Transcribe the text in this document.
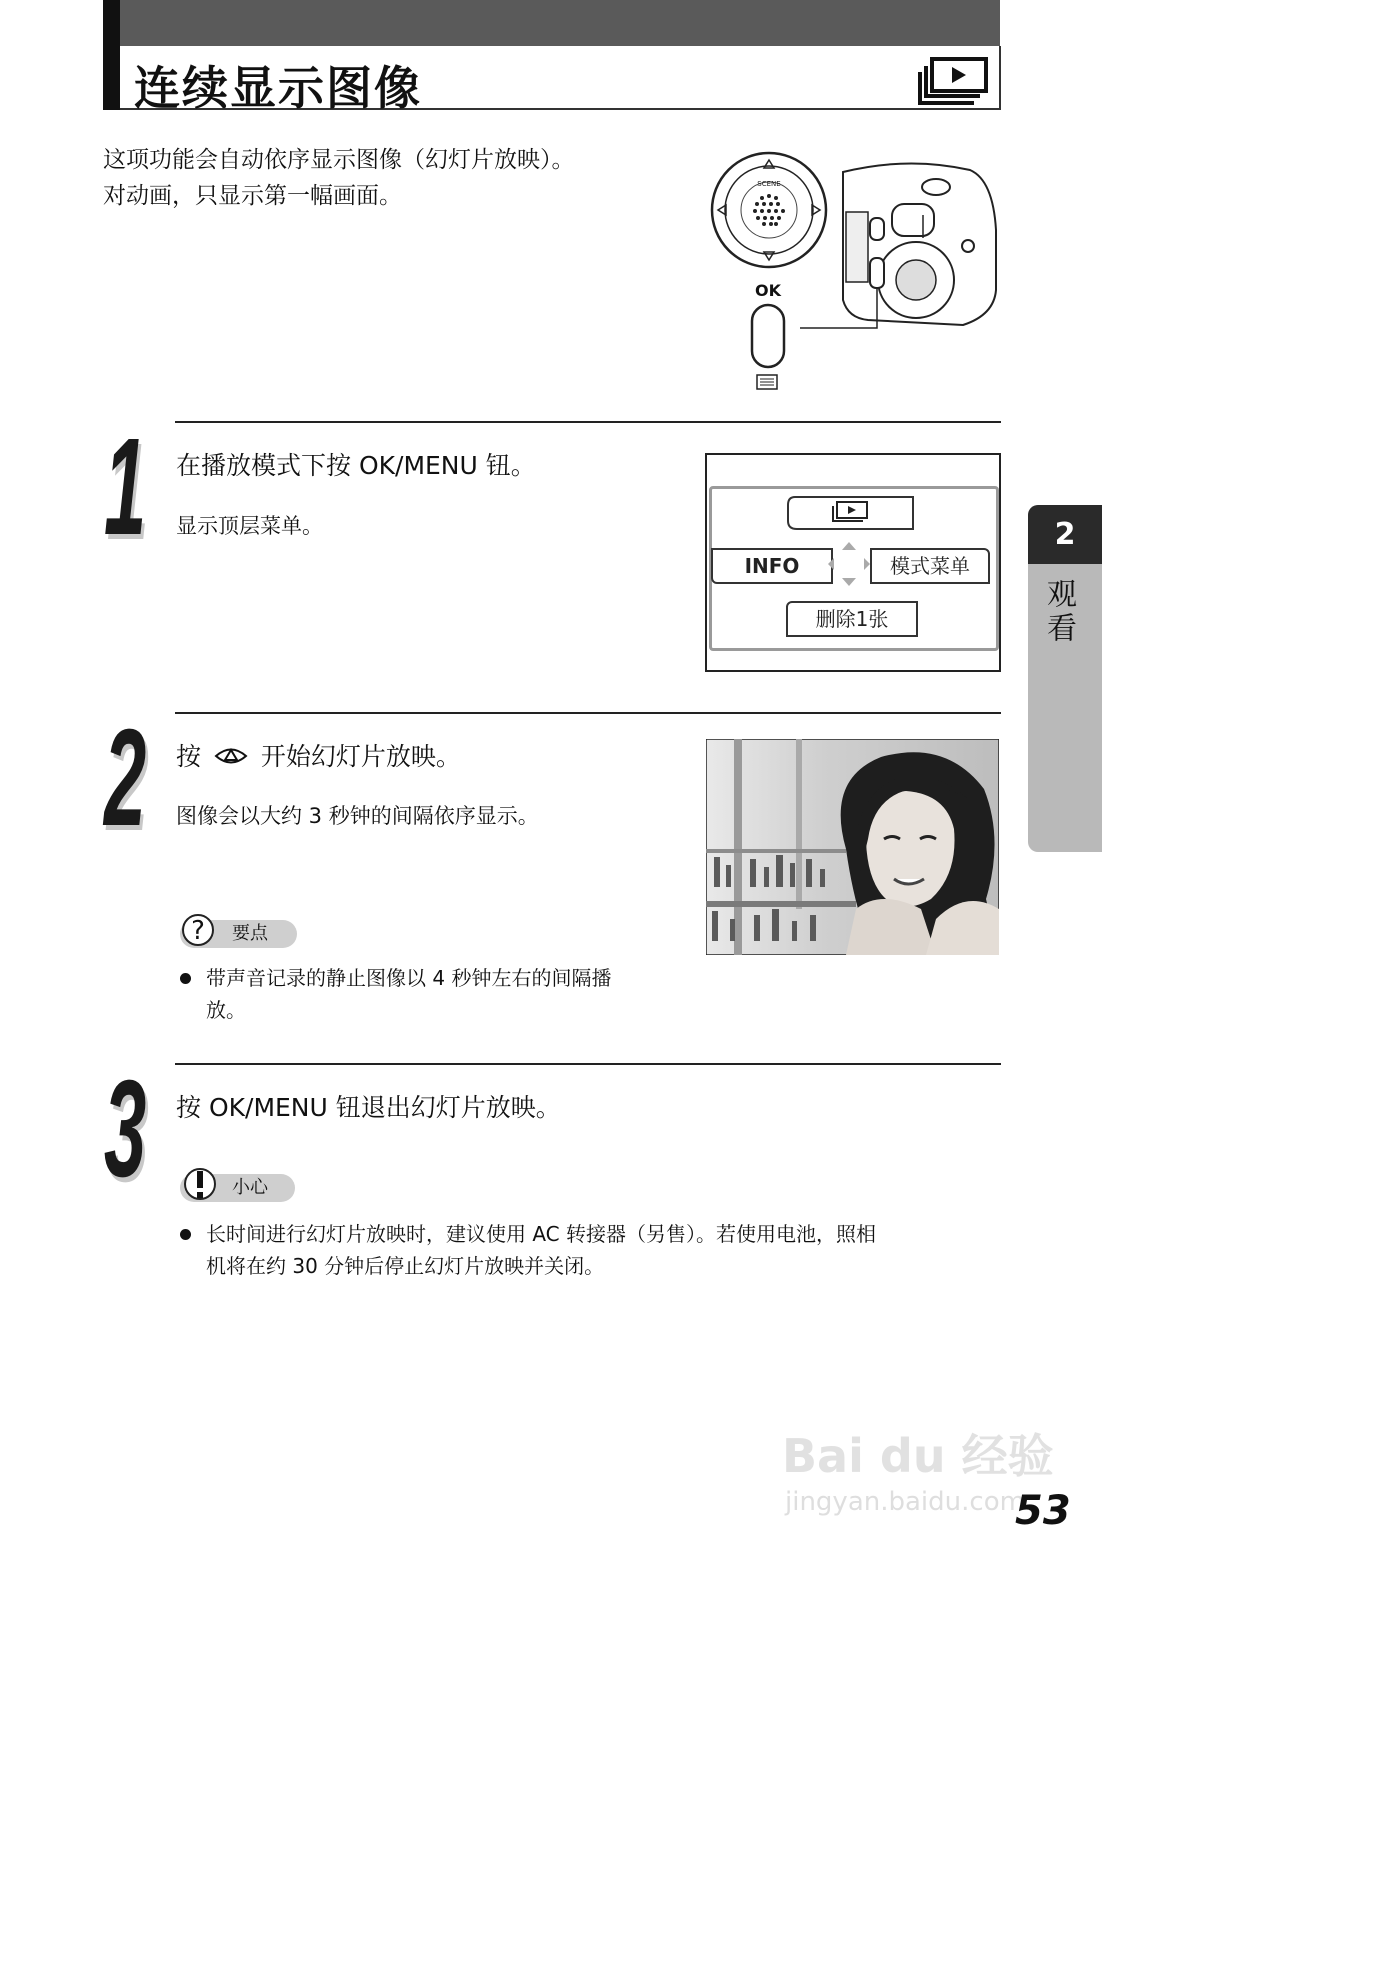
连续显示图像
这项功能会自动依序显示图像（幻灯片放映）。
对动画，只显示第一幅画面。	SCENE
OK
1 在播放模式下按 OK/MENU 钮。
显示顶层菜单。
INFO	模式菜单
删除1张
2 按 开始幻灯片放映。
图像会以大约 3 秒钟的间隔依序显示。
要点
?
带声音记录的静止图像以 4 秒钟左右的间隔播
放。
3 按 OK/MENU 钮退出幻灯片放映。
小心
长时间进行幻灯片放映时，建议使用 AC 转接器（另售）。若使用电池，照相
机将在约 30 分钟后停止幻灯片放映并关闭。
2
观看
Bai du 经验
jingyan.baidu.com
53
